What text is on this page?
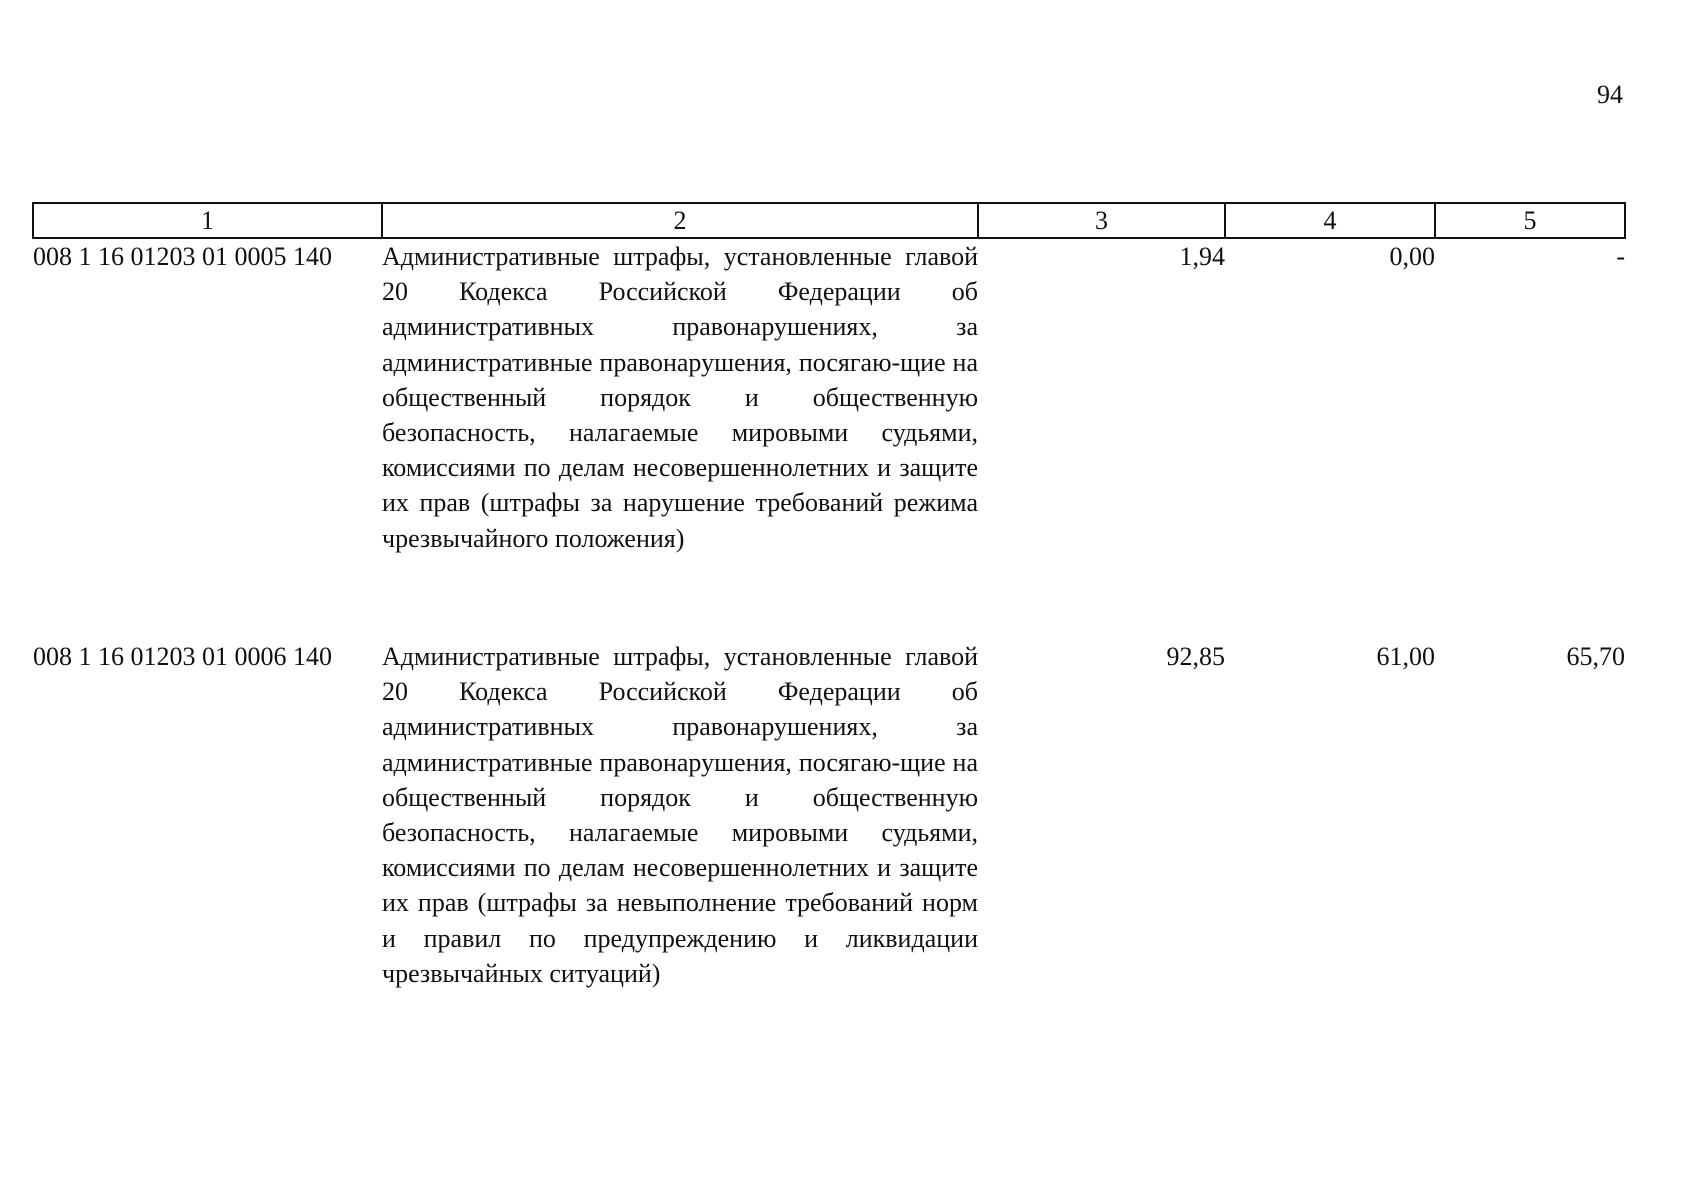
94
1	2	3	4	5
008 1 16 01203 01 0005 140	Административные штрафы, установленные главой 20 Кодекса Российской Федерации об административных правонарушениях, за административные правонарушения, посягаю-щие на общественный порядок и общественную безопасность, налагаемые мировыми судьями, комиссиями по делам несовершеннолетних и защите их прав (штрафы за нарушение требований режима чрезвычайного положения)	1,94	0,00	-
008 1 16 01203 01 0006 140	Административные штрафы, установленные главой 20 Кодекса Российской Федерации об административных правонарушениях, за административные правонарушения, посягаю-щие на общественный порядок и общественную безопасность, налагаемые мировыми судьями, комиссиями по делам несовершеннолетних и защите их прав (штрафы за невыполнение требований норм и правил по предупреждению и ликвидации чрезвычайных ситуаций)	92,85	61,00	65,70
